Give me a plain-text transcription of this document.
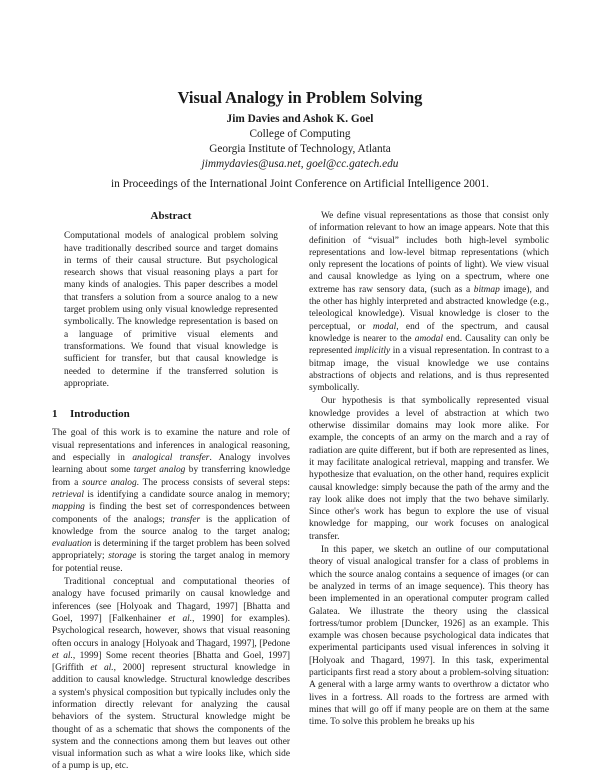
Visual Analogy in Problem Solving
Jim Davies and Ashok K. Goel
College of Computing
Georgia Institute of Technology, Atlanta
jimmydavies@usa.net, goel@cc.gatech.edu
in Proceedings of the International Joint Conference on Artificial Intelligence 2001.
Abstract

Computational models of analogical problem solving have traditionally described source and target domains in terms of their causal structure. But psychological research shows that visual reasoning plays a part for many kinds of analogies. This paper describes a model that transfers a solution from a source analog to a new target problem using only visual knowledge represented symbolically. The knowledge representation is based on a language of primitive visual elements and transformations. We found that visual knowledge is sufficient for transfer, but that causal knowledge is needed to determine if the transferred solution is appropriate.

1 Introduction

The goal of this work is to examine the nature and role of visual representations and inferences in analogical reasoning, and especially in analogical transfer. Analogy involves learning about some target analog by transferring knowledge from a source analog. The process consists of several steps: retrieval is identifying a candidate source analog in memory; mapping is finding the best set of correspondences between components of the analogs; transfer is the application of knowledge from the source analog to the target analog; evaluation is determining if the target problem has been solved appropriately; storage is storing the target analog in memory for potential reuse.

Traditional conceptual and computational theories of analogy have focused primarily on causal knowledge and inferences (see [Holyoak and Thagard, 1997] [Bhatta and Goel, 1997] [Falkenhainer et al., 1990] for examples). Psychological research, however, shows that visual reasoning often occurs in analogy [Holyoak and Thagard, 1997], [Pedone et al., 1999] Some recent theories [Bhatta and Goel, 1997] [Griffith et al., 2000] represent structural knowledge in addition to causal knowledge. Structural knowledge describes a system's physical composition but typically includes only the information directly relevant for analyzing the causal behaviors of the system. Structural knowledge might be thought of as a schematic that shows the components of the system and the connections among them but leaves out other visual information such as what a wire looks like, which side of a pump is up, etc.

We define visual representations as those that consist only of information relevant to how an image appears. Note that this definition of “visual” includes both high-level symbolic representations and low-level bitmap representations (which only represent the locations of points of light). We view visual and causal knowledge as lying on a spectrum, where one extreme has raw sensory data, (such as a bitmap image), and the other has highly interpreted and abstracted knowledge (e.g., teleological knowledge). Visual knowledge is closer to the perceptual, or modal, end of the spectrum, and causal knowledge is nearer to the amodal end. Causality can only be represented implicitly in a visual representation. In contrast to a bitmap image, the visual knowledge we use contains abstractions of objects and relations, and is thus represented symbolically.

Our hypothesis is that symbolically represented visual knowledge provides a level of abstraction at which two otherwise dissimilar domains may look more alike. For example, the concepts of an army on the march and a ray of radiation are quite different, but if both are represented as lines, it may facilitate analogical retrieval, mapping and transfer. We hypothesize that evaluation, on the other hand, requires explicit causal knowledge: simply because the path of the army and the ray look alike does not imply that the two behave similarly. Since other's work has begun to explore the use of visual knowledge for mapping, our work focuses on analogical transfer.

In this paper, we sketch an outline of our computational theory of visual analogical transfer for a class of problems in which the source analog contains a sequence of images (or can be analyzed in terms of an image sequence). This theory has been implemented in an operational computer program called Galatea. We illustrate the theory using the classical fortress/tumor problem [Duncker, 1926] as an example. This example was chosen because psychological data indicates that experimental participants used visual inferences in solving it [Holyoak and Thagard, 1997]. In this task, experimental participants first read a story about a problem-solving situation: A general with a large army wants to overthrow a dictator who lives in a fortress. All roads to the fortress are armed with mines that will go off if many people are on them at the same time. To solve this problem he breaks up his
